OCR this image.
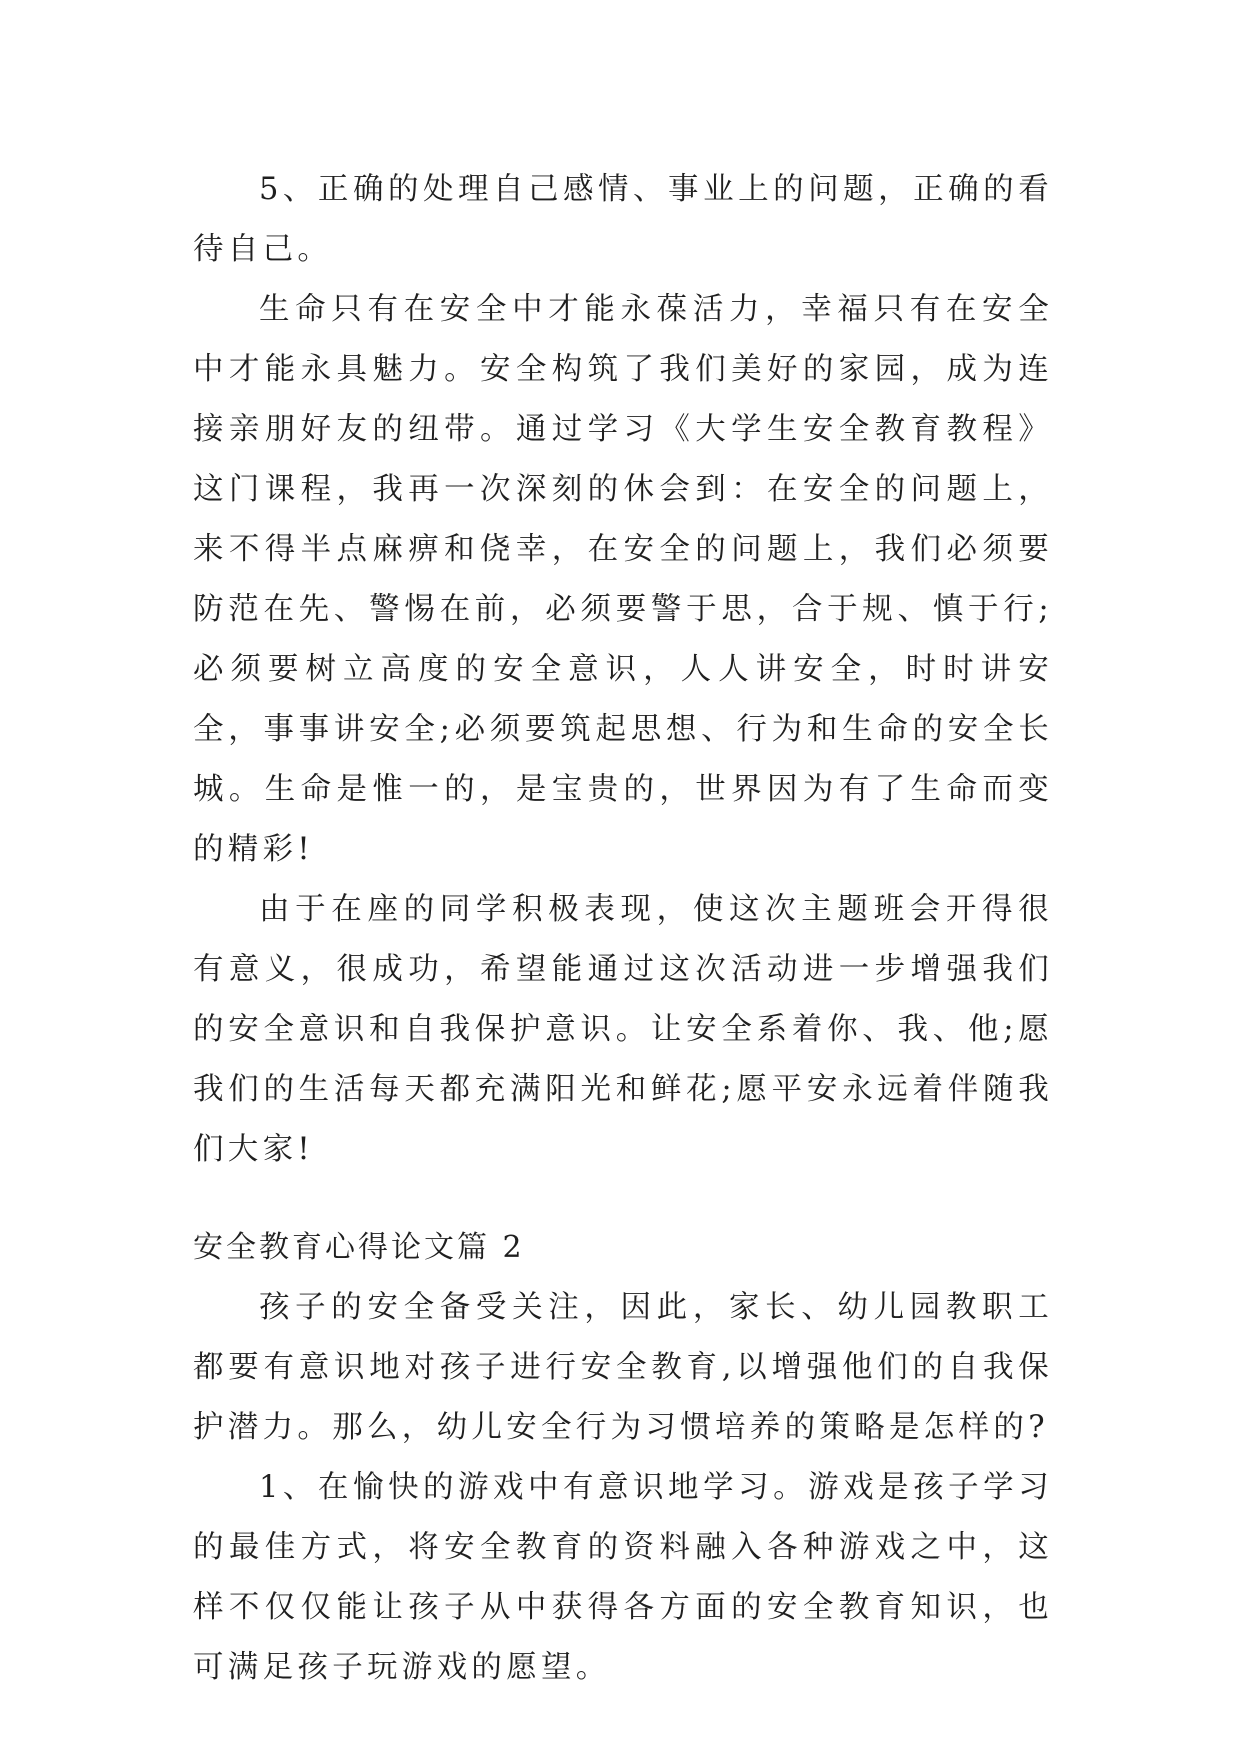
5、正确的处理自己感情、事业上的问题，正确的看待自己。

生命只有在安全中才能永葆活力，幸福只有在安全中才能永具魅力。安全构筑了我们美好的家园，成为连接亲朋好友的纽带。通过学习《大学生安全教育教程》这门课程，我再一次深刻的休会到：在安全的问题上，来不得半点麻痹和侥幸，在安全的问题上，我们必须要防范在先、警惕在前，必须要警于思，合于规、慎于行;必须要树立高度的安全意识，人人讲安全，时时讲安全，事事讲安全;必须要筑起思想、行为和生命的安全长城。生命是惟一的，是宝贵的，世界因为有了生命而变的精彩!

由于在座的同学积极表现，使这次主题班会开得很有意义，很成功，希望能通过这次活动进一步增强我们的安全意识和自我保护意识。让安全系着你、我、他;愿我们的生活每天都充满阳光和鲜花;愿平安永远着伴随我们大家!

安全教育心得论文篇 2

孩子的安全备受关注，因此，家长、幼儿园教职工都要有意识地对孩子进行安全教育,以增强他们的自我保护潜力。那么，幼儿安全行为习惯培养的策略是怎样的?

1、在愉快的游戏中有意识地学习。游戏是孩子学习的最佳方式，将安全教育的资料融入各种游戏之中，这样不仅仅能让孩子从中获得各方面的安全教育知识，也可满足孩子玩游戏的愿望。
